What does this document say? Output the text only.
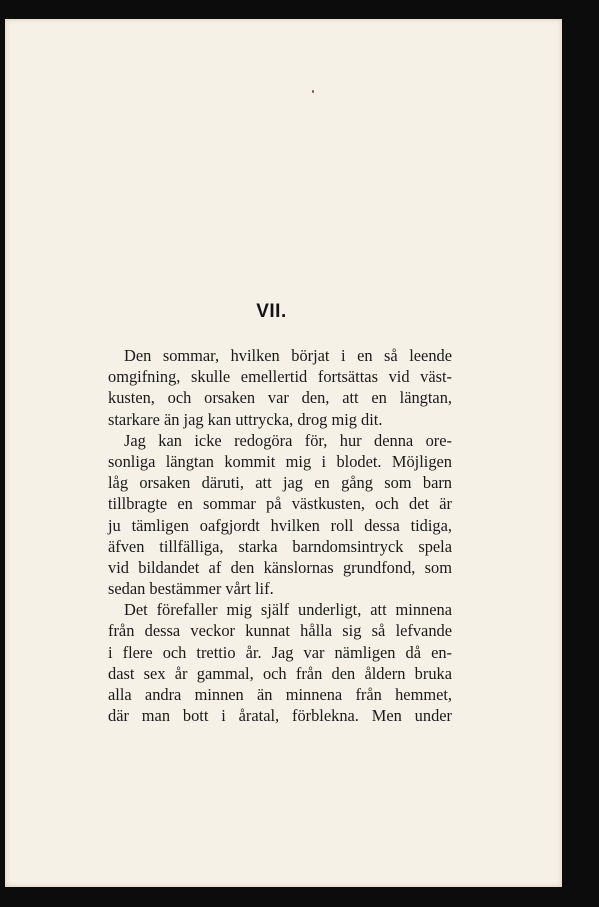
VII.
Den sommar, hvilken börjat i en så leende
omgifning, skulle emellertid fortsättas vid väst-
kusten, och orsaken var den, att en längtan,
starkare än jag kan uttrycka, drog mig dit.
Jag kan icke redogöra för, hur denna ore-
sonliga längtan kommit mig i blodet. Möjligen
låg orsaken däruti, att jag en gång som barn
tillbragte en sommar på västkusten, och det är
ju tämligen oafgjordt hvilken roll dessa tidiga,
äfven tillfälliga, starka barndomsintryck spela
vid bildandet af den känslornas grundfond, som
sedan bestämmer vårt lif.
Det förefaller mig själf underligt, att minnena
från dessa veckor kunnat hålla sig så lefvande
i flere och trettio år. Jag var nämligen då en-
dast sex år gammal, och från den åldern bruka
alla andra minnen än minnena från hemmet,
där man bott i åratal, förblekna. Men under
